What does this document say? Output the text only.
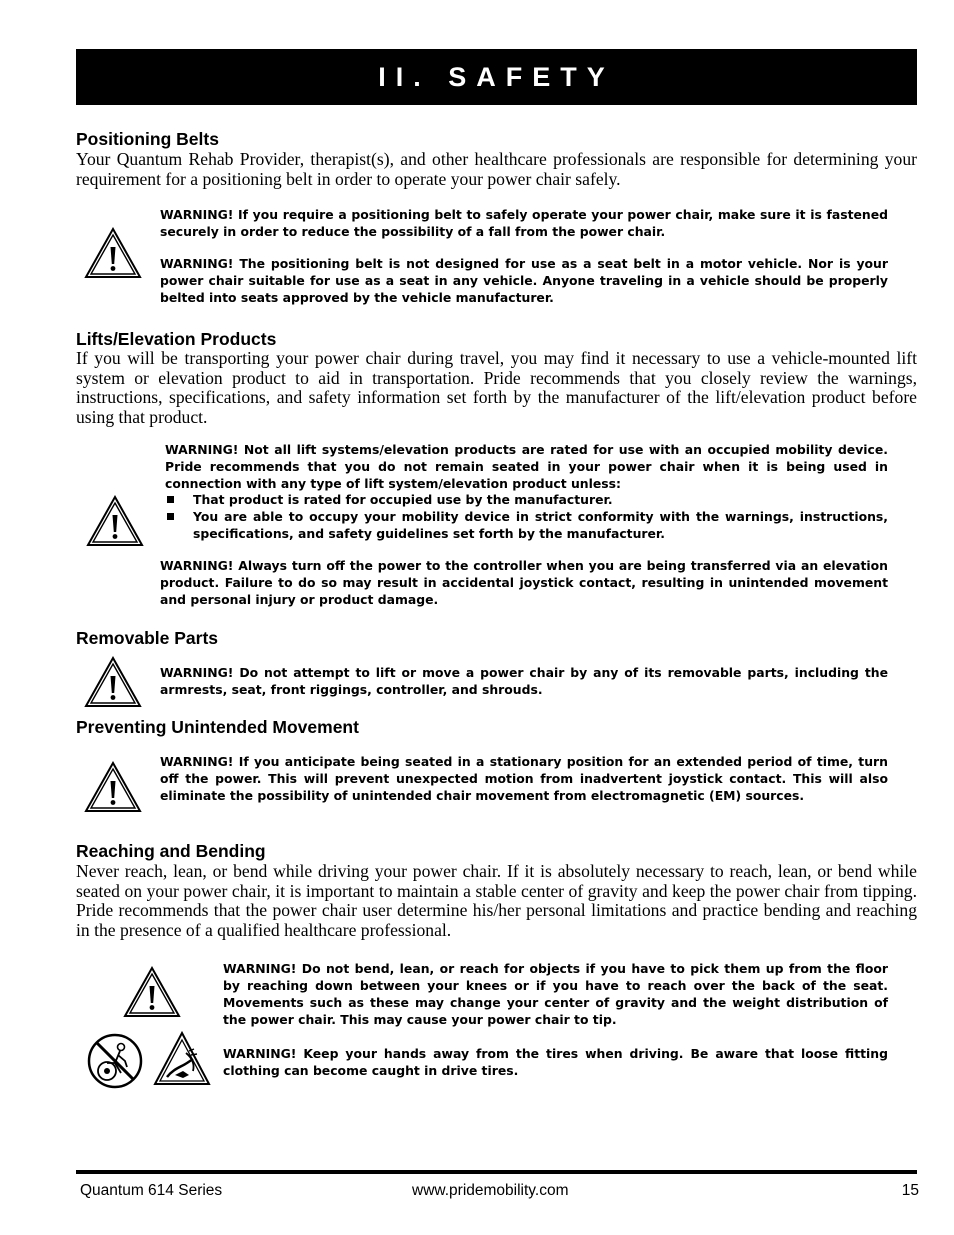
II. SAFETY
Positioning Belts
Your Quantum Rehab Provider, therapist(s), and other healthcare professionals are responsible for determining your requirement for a positioning belt in order to operate your power chair safely.

WARNING! If you require a positioning belt to safely operate your power chair, make sure it is fastened securely in order to reduce the possibility of a fall from the power chair.

WARNING! The positioning belt is not designed for use as a seat belt in a motor vehicle. Nor is your power chair suitable for use as a seat in any vehicle. Anyone traveling in a vehicle should be properly belted into seats approved by the vehicle manufacturer.

Lifts/Elevation Products
If you will be transporting your power chair during travel, you may find it necessary to use a vehicle-mounted lift system or elevation product to aid in transportation. Pride recommends that you closely review the warnings, instructions, specifications, and safety information set forth by the manufacturer of the lift/elevation product before using that product.

WARNING! Not all lift systems/elevation products are rated for use with an occupied mobility device. Pride recommends that you do not remain seated in your power chair when it is being used in connection with any type of lift system/elevation product unless:

That product is rated for occupied use by the manufacturer.
You are able to occupy your mobility device in strict conformity with the warnings, instructions, specifications, and safety guidelines set forth by the manufacturer.

WARNING! Always turn off the power to the controller when you are being transferred via an elevation product. Failure to do so may result in accidental joystick contact, resulting in unintended movement and personal injury or product damage.

Removable Parts

WARNING! Do not attempt to lift or move a power chair by any of its removable parts, including the armrests, seat, front riggings, controller, and shrouds.

Preventing Unintended Movement

WARNING! If you anticipate being seated in a stationary position for an extended period of time, turn off the power. This will prevent unexpected motion from inadvertent joystick contact. This will also eliminate the possibility of unintended chair movement from electromagnetic (EM) sources.

Reaching and Bending
Never reach, lean, or bend while driving your power chair. If it is absolutely necessary to reach, lean, or bend while seated on your power chair, it is important to maintain a stable center of gravity and keep the power chair from tipping. Pride recommends that the power chair user determine his/her personal limitations and practice bending and reaching in the presence of a qualified healthcare professional.

WARNING! Do not bend, lean, or reach for objects if you have to pick them up from the floor by reaching down between your knees or if you have to reach over the back of the seat. Movements such as these may change your center of gravity and the weight distribution of the power chair. This may cause your power chair to tip.

WARNING! Keep your hands away from the tires when driving. Be aware that loose fitting clothing can become caught in drive tires.

Quantum 614 Series	www.pridemobility.com	15
